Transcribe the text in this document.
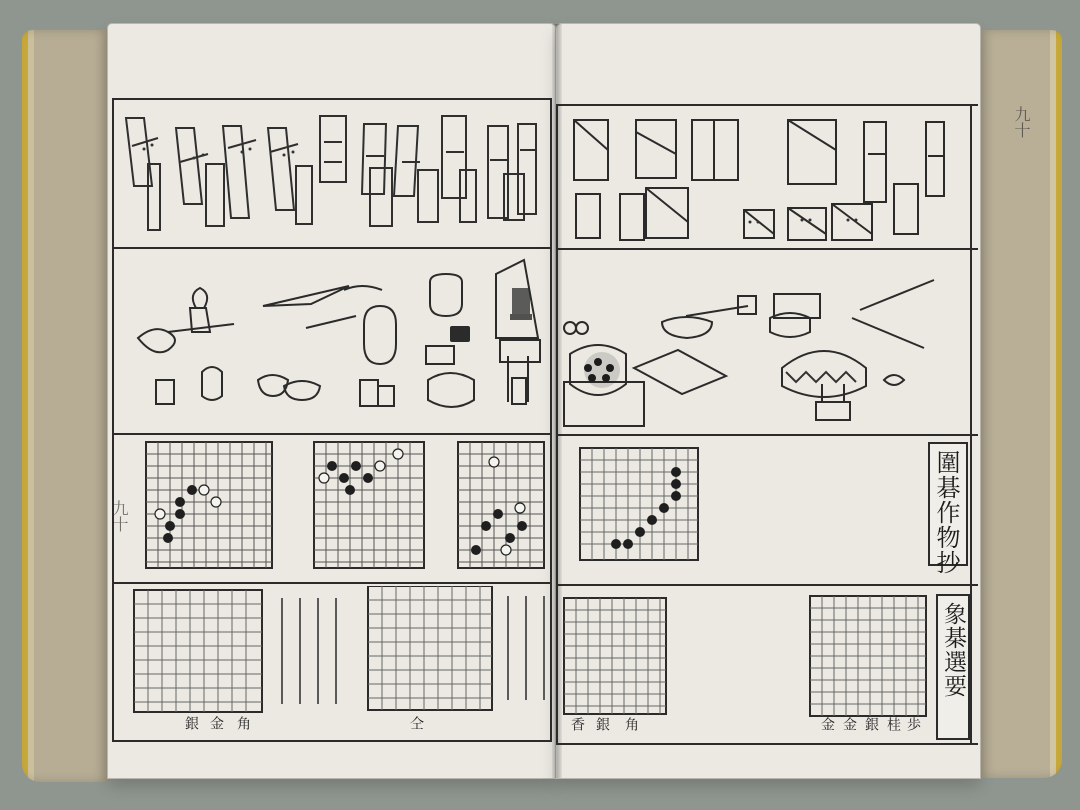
圍碁作物抄
象棊選要
九十
九十
銀 金 角	仝	香 銀 角	金 金 銀 桂 歩
